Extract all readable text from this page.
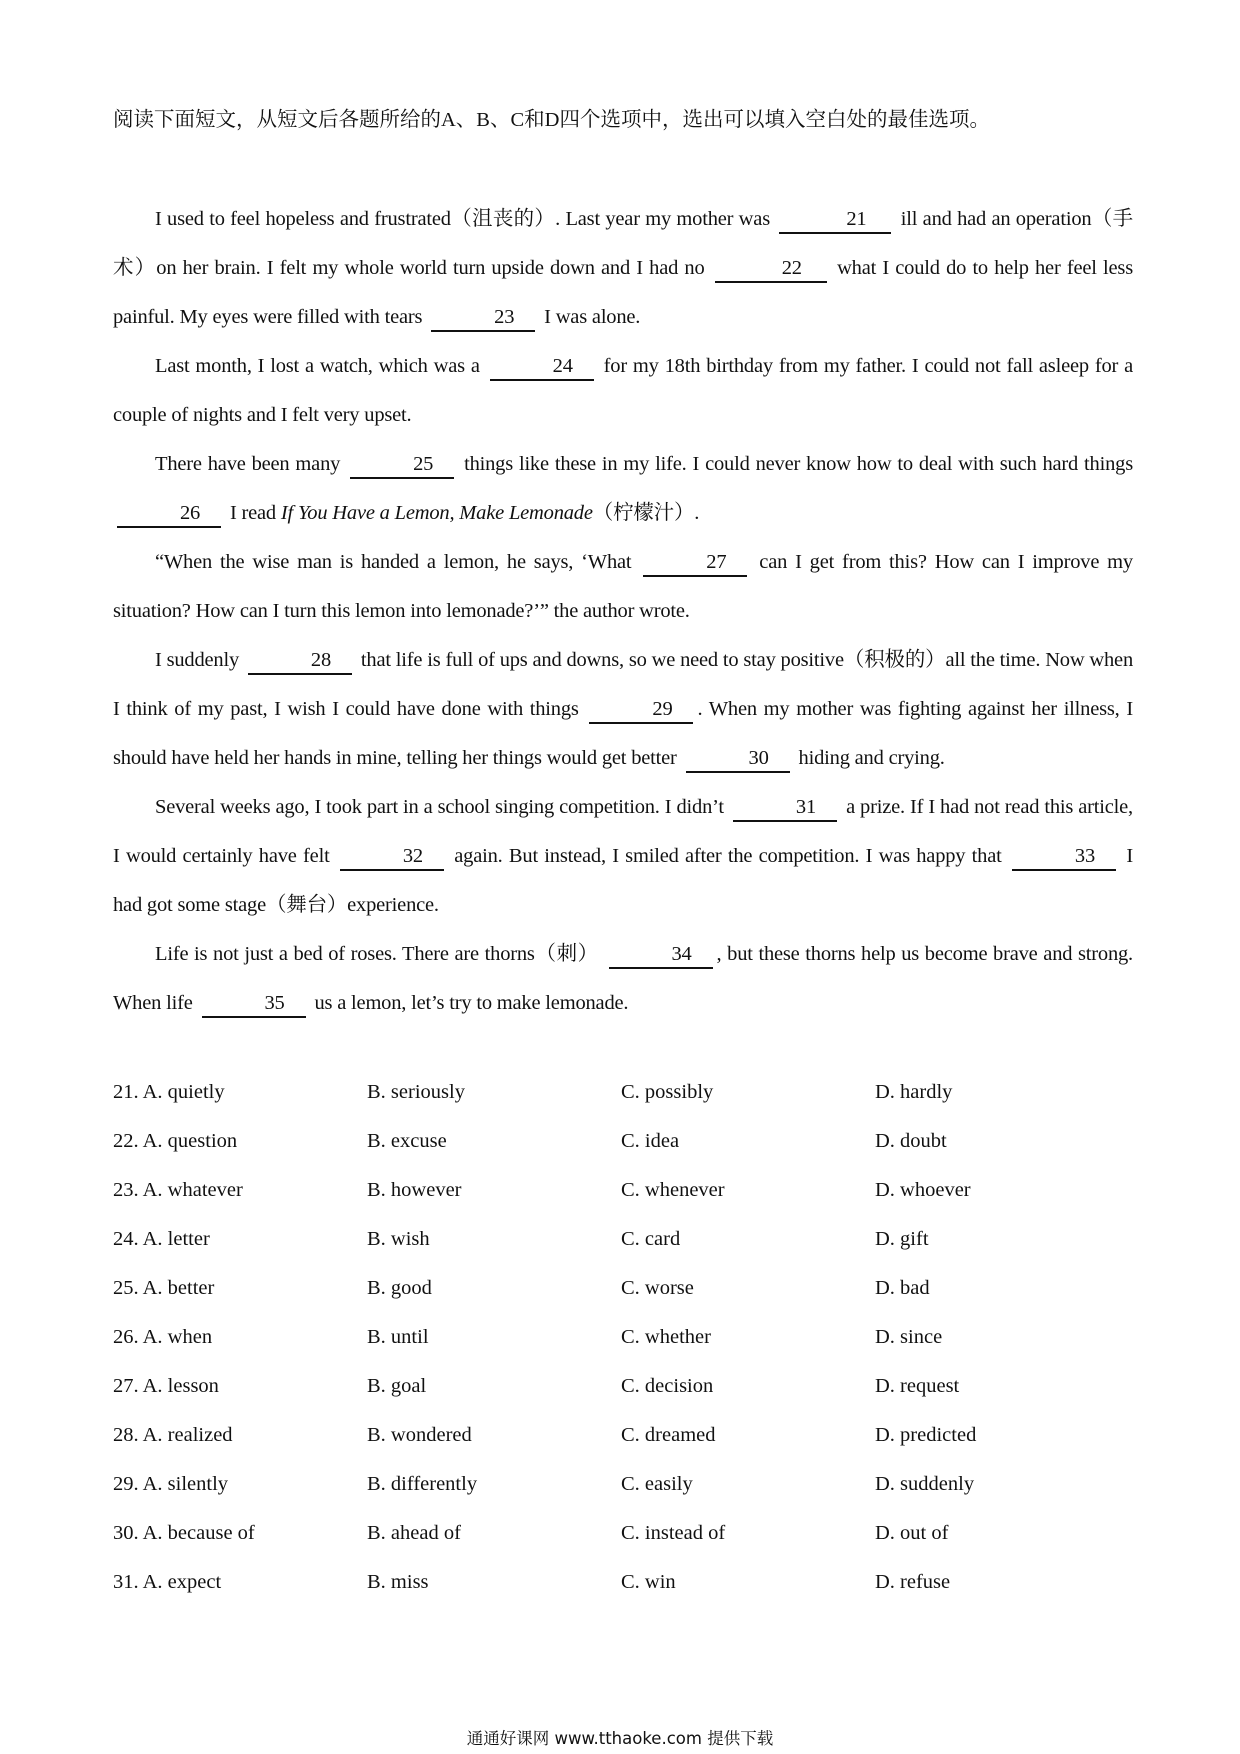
阅读下面短文，从短文后各题所给的A、B、C和D四个选项中，选出可以填入空白处的最佳选项。

I used to feel hopeless and frustrated（沮丧的）. Last year my mother was	21 ill and had an operation（手术）on her brain. I felt my whole world turn upside down and I had no	22 what I could do to help her feel less painful. My eyes were filled with tears	23 I was alone.

Last month, I lost a watch, which was a	24 for my 18th birthday from my father. I could not fall asleep for a couple of nights and I felt very upset.

There have been many	25 things like these in my life. I could never know how to deal with such hard things 26 I read If You Have a Lemon, Make Lemonade（柠檬汁）.

“When the wise man is handed a lemon, he says, ‘What	27 can I get from this? How can I improve my situation? How can I turn this lemon into lemonade?’” the author wrote.

I suddenly	28 that life is full of ups and downs, so we need to stay positive（积极的）all the time. Now when I think of my past, I wish I could have done with things	29 . When my mother was fighting against her illness, I should have held her hands in mine, telling her things would get better	30 hiding and crying.

Several weeks ago, I took part in a school singing competition. I didn’t	31 a prize. If I had not read this article, I would certainly have felt	32 again. But instead, I smiled after the competition. I was happy that	33 I had got some stage（舞台）experience.

Life is not just a bed of roses. There are thorns（刺）	34 , but these thorns help us become brave and strong. When life	35 us a lemon, let’s try to make lemonade.

21. A. quietly	B. seriously	C. possibly	D. hardly
22. A. question	B. excuse	C. idea	D. doubt
23. A. whatever	B. however	C. whenever	D. whoever
24. A. letter	B. wish	C. card	D. gift
25. A. better	B. good	C. worse	D. bad
26. A. when	B. until	C. whether	D. since
27. A. lesson	B. goal	C. decision	D. request
28. A. realized	B. wondered	C. dreamed	D. predicted
29. A. silently	B. differently	C. easily	D. suddenly
30. A. because of	B. ahead of	C. instead of	D. out of
31. A. expect	B. miss	C. win	D. refuse
通通好课网 www.tthaoke.com 提供下载
